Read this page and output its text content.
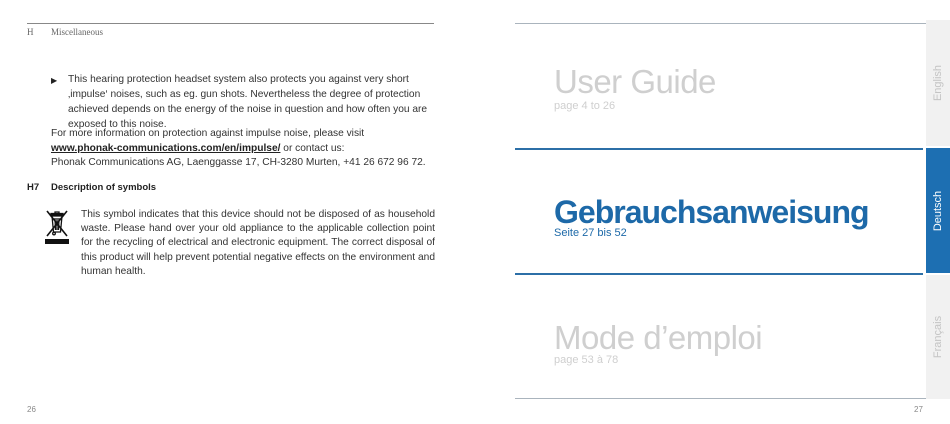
H Miscellaneous
▶ This hearing protection headset system also protects you against very short ‚impulse‘ noises, such as eg. gun shots. Nevertheless the degree of protection achieved depends on the energy of the noise in question and how often you are exposed to this noise.
For more information on protection against impulse noise, please visit
www.phonak-communications.com/en/impulse/ or contact us:
Phonak Communications AG, Laenggasse 17, CH-3280 Murten, +41 26 672 96 72.
H7 Description of symbols
This symbol indicates that this device should not be disposed of as household waste. Please hand over your old appliance to the applicable collection point for the recycling of electrical and electronic equipment. The correct disposal of this product will help prevent potential negative effects on the environment and human health.
26
User Guide
page 4 to 26
Gebrauchsanweisung
Seite 27 bis 52
Mode d’emploi
page 53 à 78
English
Deutsch
Français
27
